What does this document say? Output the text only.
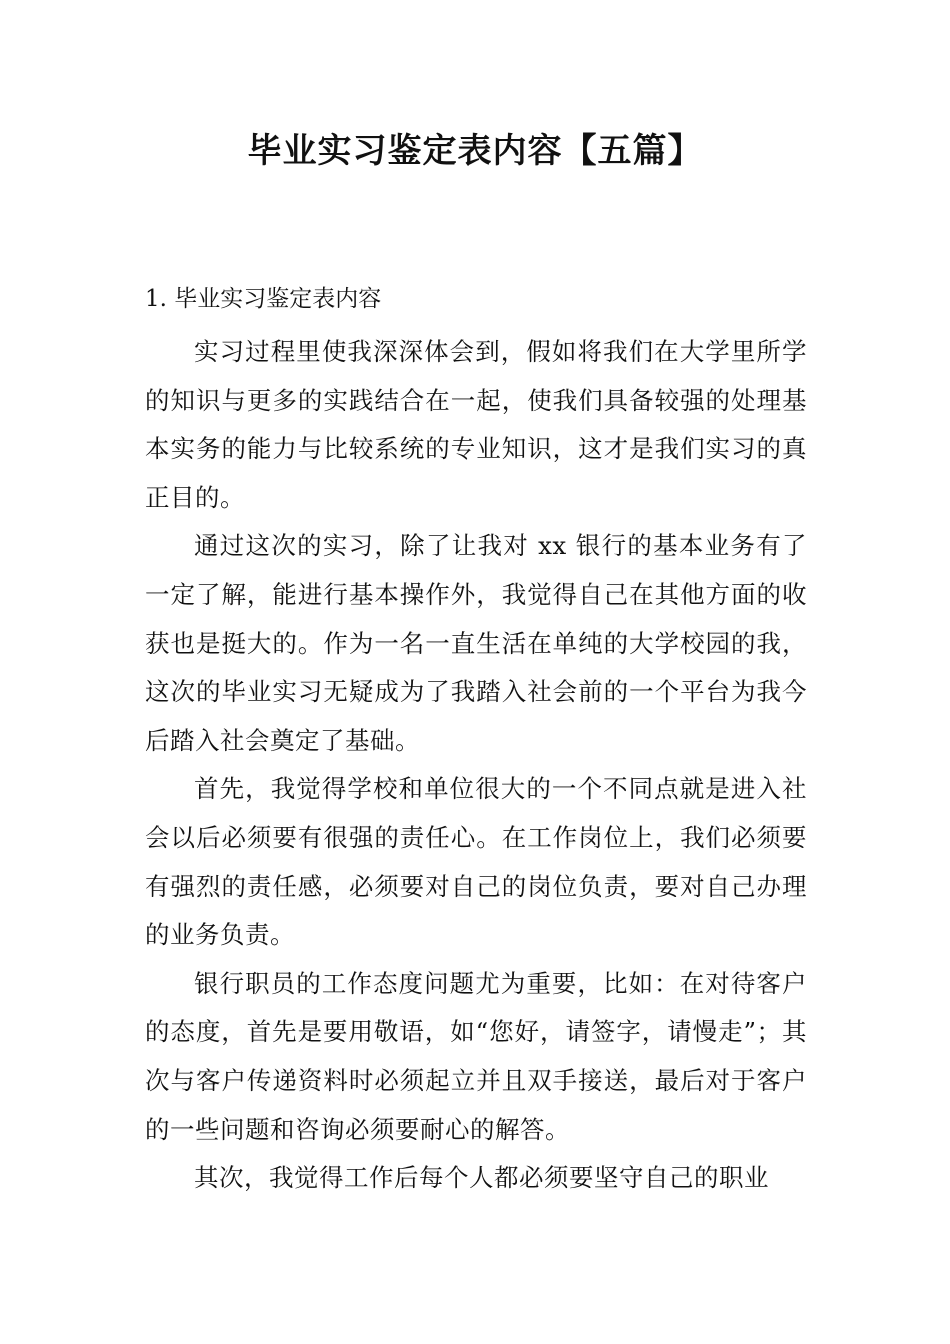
毕业实习鉴定表内容【五篇】

1. 毕业实习鉴定表内容

实习过程里使我深深体会到，假如将我们在大学里所学的知识与更多的实践结合在一起，使我们具备较强的处理基本实务的能力与比较系统的专业知识，这才是我们实习的真正目的。

通过这次的实习，除了让我对 xx 银行的基本业务有了一定了解，能进行基本操作外，我觉得自己在其他方面的收获也是挺大的。作为一名一直生活在单纯的大学校园的我，这次的毕业实习无疑成为了我踏入社会前的一个平台为我今后踏入社会奠定了基础。

首先，我觉得学校和单位很大的一个不同点就是进入社会以后必须要有很强的责任心。在工作岗位上，我们必须要有强烈的责任感，必须要对自己的岗位负责，要对自己办理的业务负责。

银行职员的工作态度问题尤为重要，比如：在对待客户的态度，首先是要用敬语，如“您好，请签字，请慢走”；其次与客户传递资料时必须起立并且双手接送，最后对于客户的一些问题和咨询必须要耐心的解答。

其次，我觉得工作后每个人都必须要坚守自己的职业
